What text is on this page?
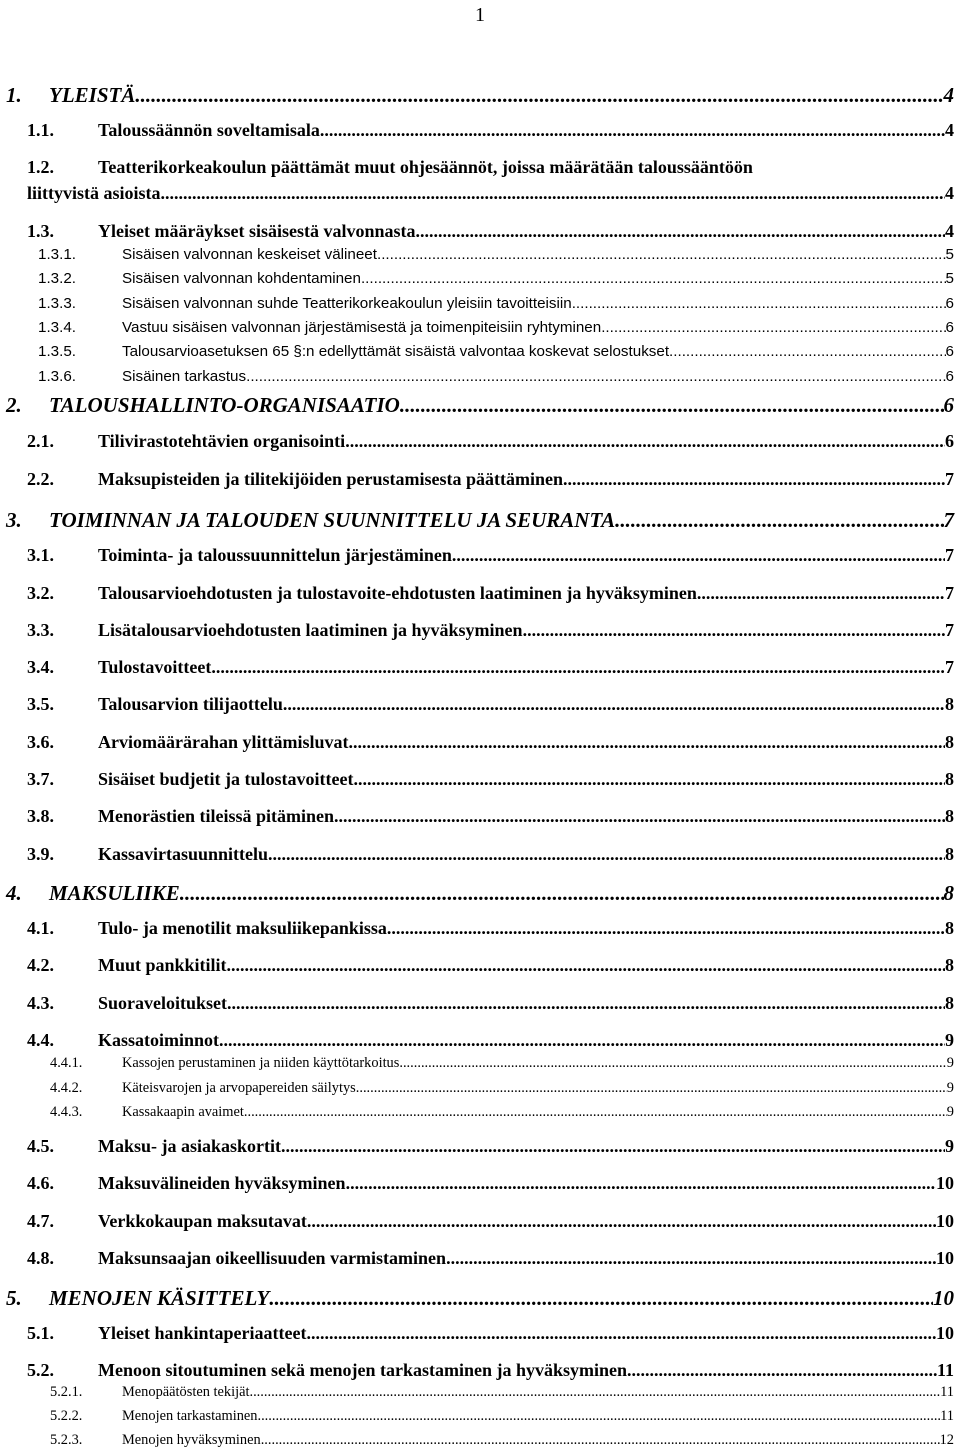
1
1. YLEISTÄ .....	4
1.1. Taloussäännön soveltamisala .....	4
1.2. Teatterikorkeakoulun päättämät muut ohjesäännöt, joissa määrätään taloussääntöön
liittyvistä asioista .....	4
1.3. Yleiset määräykset sisäisestä valvonnasta .....	4
1.3.1.	Sisäisen valvonnan keskeiset välineet .....	5
1.3.2.	Sisäisen valvonnan kohdentaminen .....	5
1.3.3.	Sisäisen valvonnan suhde Teatterikorkeakoulun yleisiin tavoitteisiin .....	6
1.3.4.	Vastuu sisäisen valvonnan järjestämisestä ja toimenpiteisiin ryhtyminen .....	6
1.3.5.	Talousarvioasetuksen 65 §:n edellyttämät sisäistä valvontaa koskevat selostukset .....	6
1.3.6.	Sisäinen tarkastus .....	6
2. TALOUSHALLINTO-ORGANISAATIO .....	6
2.1. Tilivirastotehtävien organisointi .....	6
2.2. Maksupisteiden ja tilitekijöiden perustamisesta päättäminen .....	7
3. TOIMINNAN JA TALOUDEN SUUNNITTELU JA SEURANTA .....	7
3.1. Toiminta- ja taloussuunnittelun järjestäminen .....	7
3.2. Talousarvioehdotusten ja tulostavoite-ehdotusten laatiminen ja hyväksyminen .....	7
3.3. Lisätalousarvioehdotusten laatiminen ja hyväksyminen .....	7
3.4. Tulostavoitteet .....	7
3.5. Talousarvion tilijaottelu .....	8
3.6. Arviomäärärahan ylittämisluvat .....	8
3.7. Sisäiset budjetit ja tulostavoitteet .....	8
3.8. Menorästien tileissä pitäminen .....	8
3.9. Kassavirtasuunnittelu .....	8
4. MAKSULIIKE .....	8
4.1. Tulo- ja menotilit maksuliikepankissa .....	8
4.2. Muut pankkitilit .....	8
4.3. Suoraveloitukset .....	8
4.4. Kassatoiminnot .....	9
4.4.1.	Kassojen perustaminen ja niiden käyttötarkoitus .....	9
4.4.2.	Käteisvarojen ja arvopapereiden säilytys .....	9
4.4.3.	Kassakaapin avaimet .....	9
4.5. Maksu- ja asiakaskortit .....	9
4.6. Maksuvälineiden hyväksyminen .....	10
4.7. Verkkokaupan maksutavat .....	10
4.8. Maksunsaajan oikeellisuuden varmistaminen .....	10
5. MENOJEN KÄSITTELY .....	10
5.1. Yleiset hankintaperiaatteet .....	10
5.2. Menoon sitoutuminen sekä menojen tarkastaminen ja hyväksyminen .....	11
5.2.1.	Menopäätösten tekijät .....	11
5.2.2.	Menojen tarkastaminen .....	11
5.2.3.	Menojen hyväksyminen .....	12
